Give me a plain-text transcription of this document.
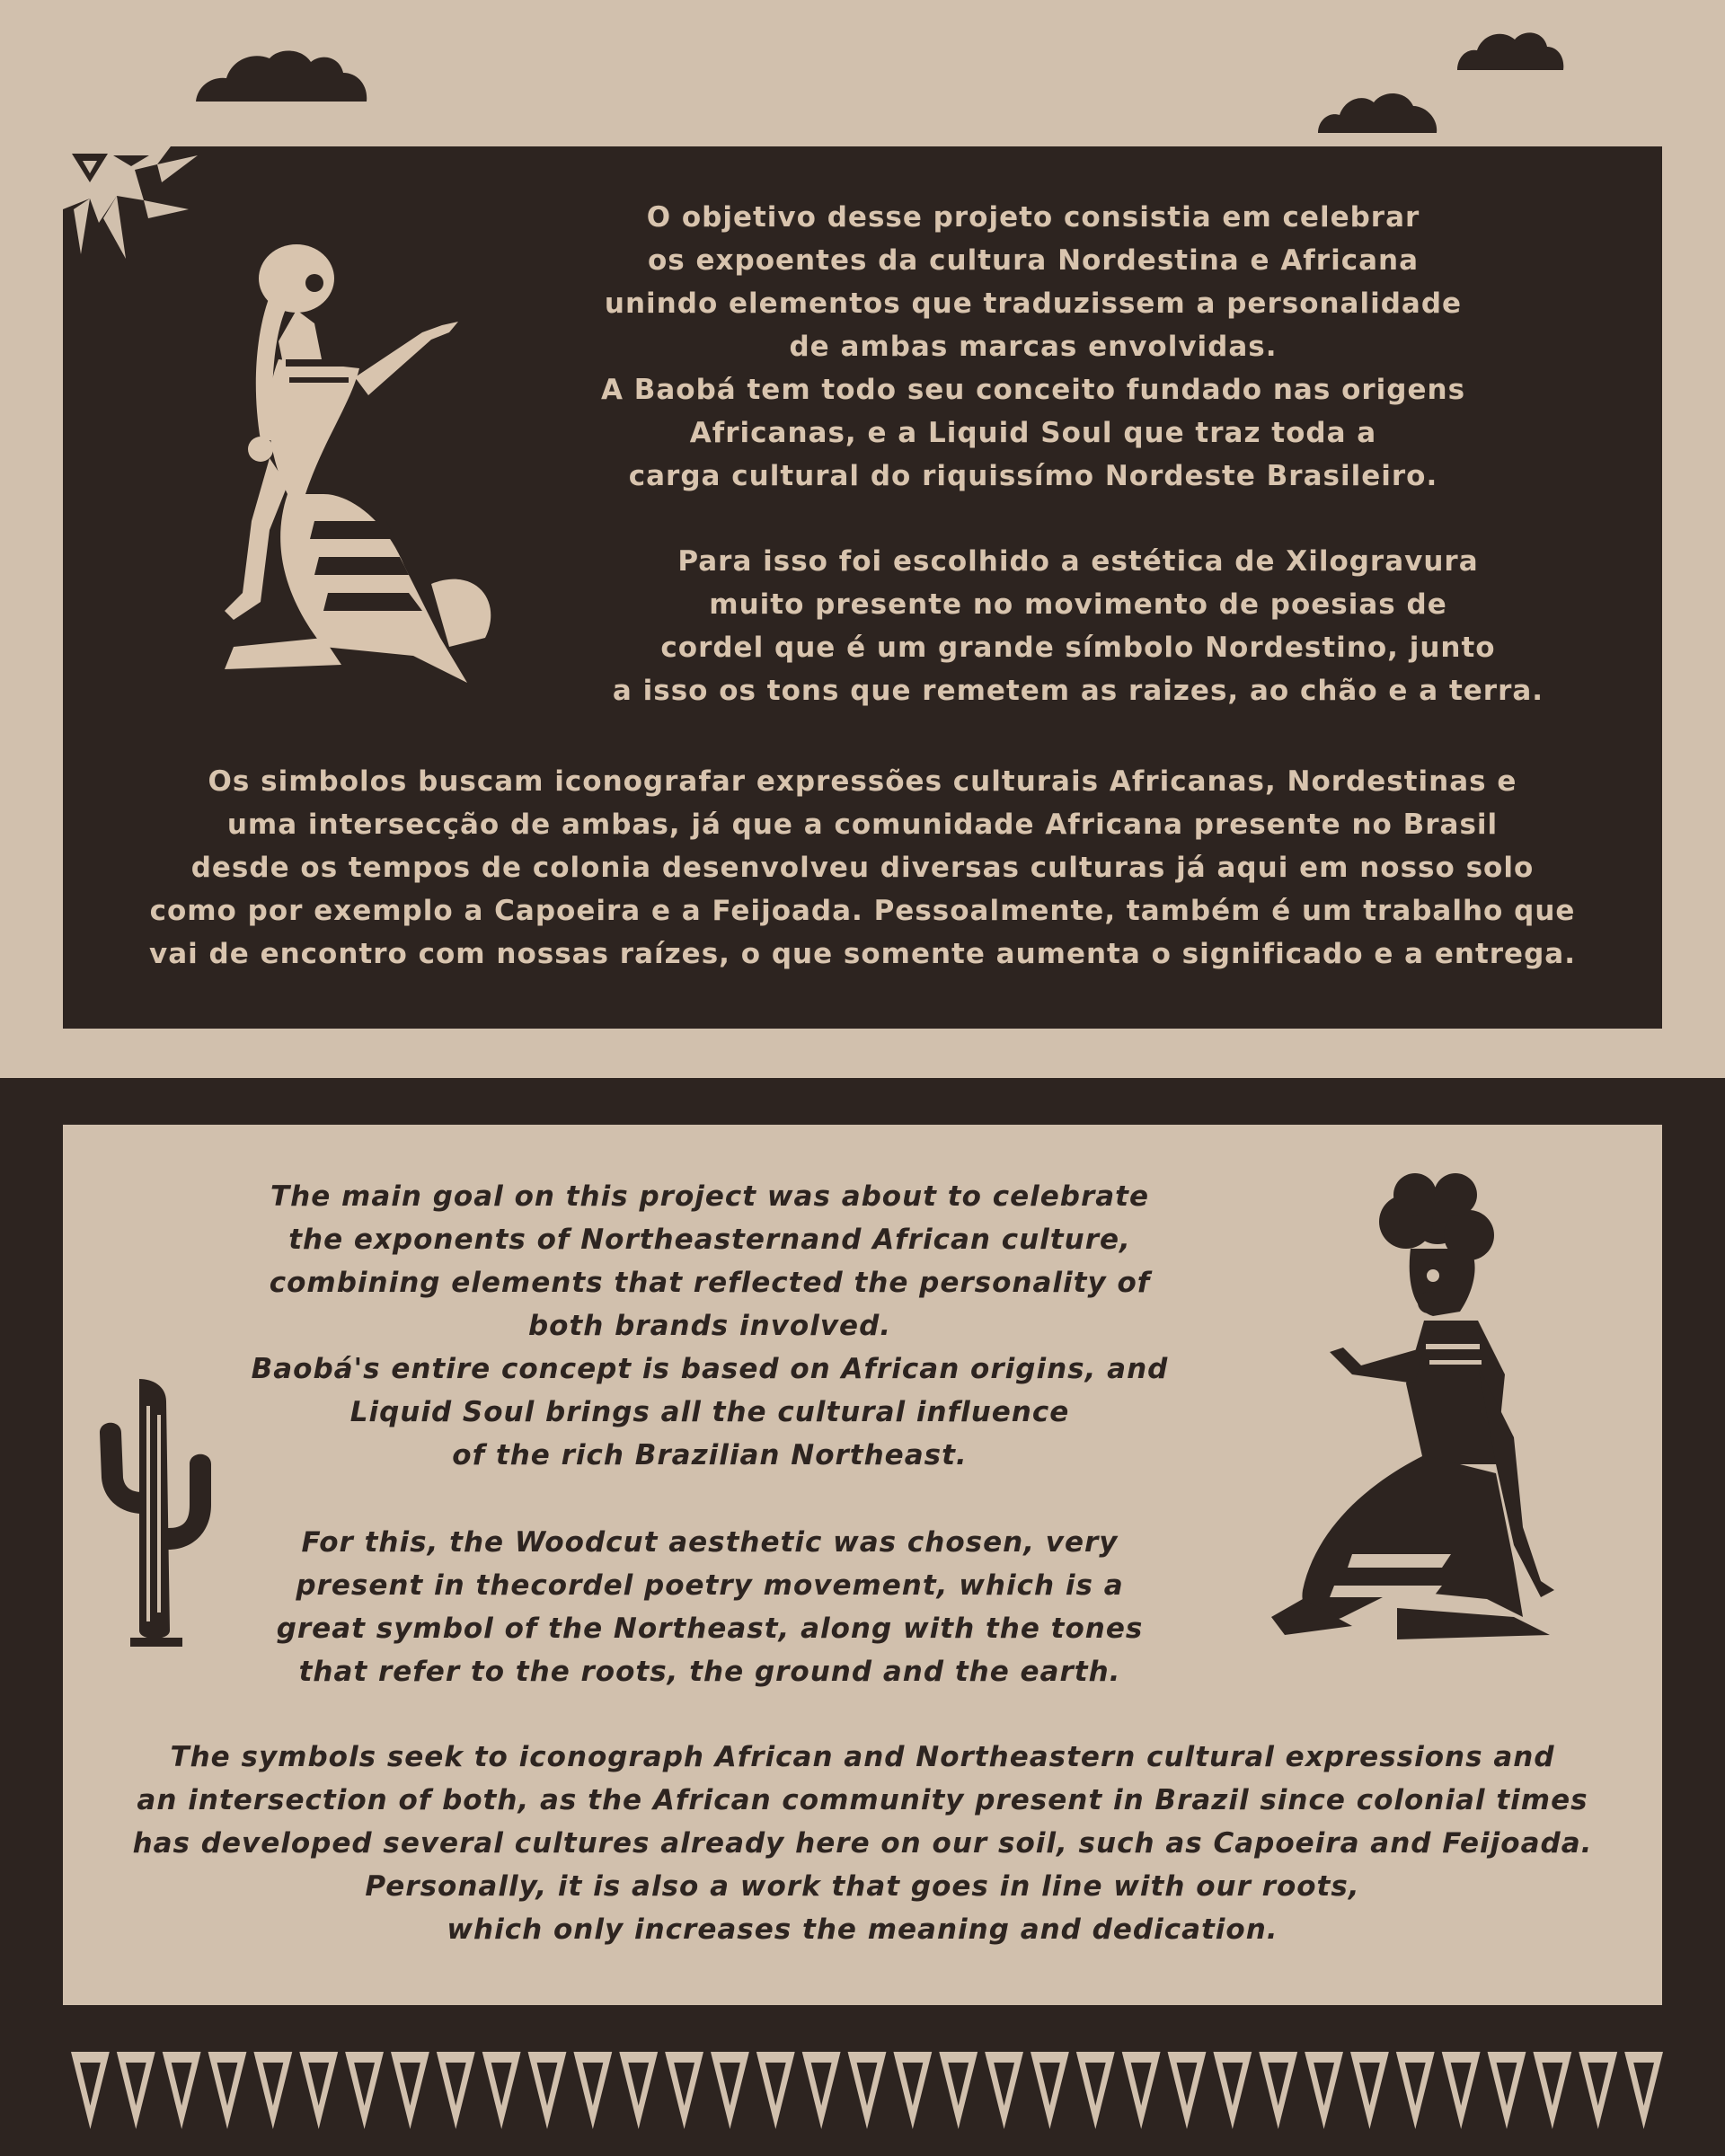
O objetivo desse projeto consistia em celebrar

os expoentes da cultura Nordestina e Africana

unindo elementos que traduzissem a personalidade

de ambas marcas envolvidas.

A Baobá tem todo seu conceito fundado nas origens

Africanas, e a Liquid Soul que traz toda a

carga cultural do riquissímo Nordeste Brasileiro.

Para isso foi escolhido a estética de Xilogravura

muito presente no movimento de poesias de

cordel que é um grande símbolo Nordestino, junto

a isso os tons que remetem as raizes, ao chão e a terra.

Os simbolos buscam iconografar expressões culturais Africanas, Nordestinas e

uma intersecção de ambas, já que a comunidade Africana presente no Brasil

desde os tempos de colonia desenvolveu diversas culturas já aqui em nosso solo

como por exemplo a Capoeira e a Feijoada. Pessoalmente, também é um trabalho que

vai de encontro com nossas raízes, o que somente aumenta o significado e a entrega.

The main goal on this project was about to celebrate

the exponents of Northeasternand African culture,

combining elements that reflected the personality of

both brands involved.

Baobá's entire concept is based on African origins, and

Liquid Soul brings all the cultural influence

of the rich Brazilian Northeast.

For this, the Woodcut aesthetic was chosen, very

present in thecordel poetry movement, which is a

great symbol of the Northeast, along with the tones

that refer to the roots, the ground and the earth.

The symbols seek to iconograph African and Northeastern cultural expressions and

an intersection of both, as the African community present in Brazil since colonial times

has developed several cultures already here on our soil, such as Capoeira and Feijoada.

Personally, it is also a work that goes in line with our roots,

which only increases the meaning and dedication.
